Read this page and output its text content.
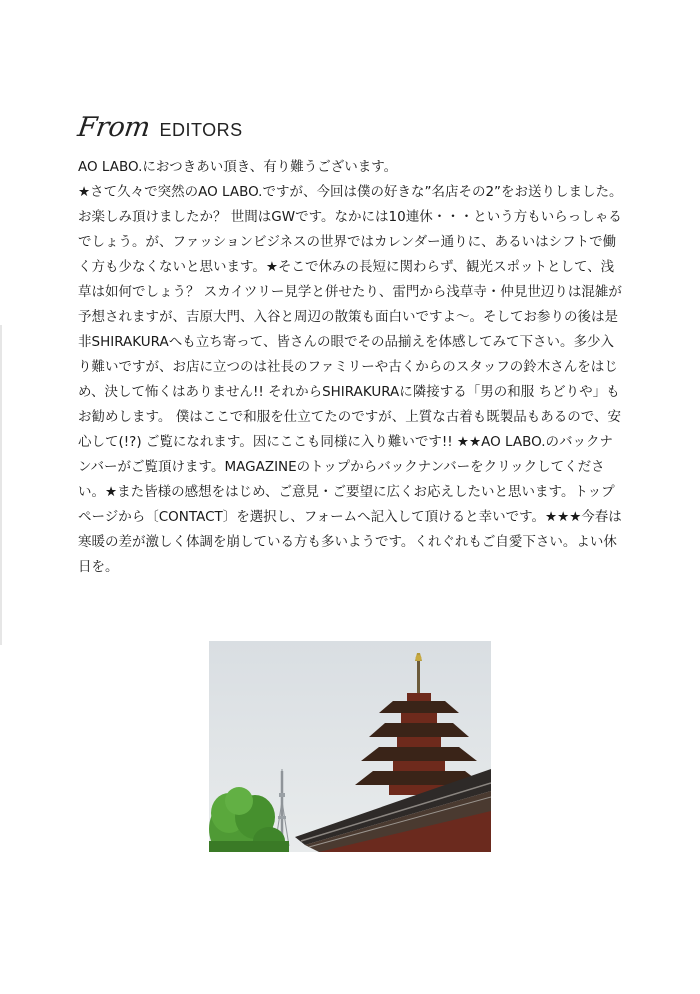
From EDITORS

AO LABO.におつきあい頂き、有り難うございます。

★さて久々で突然のAO LABO.ですが、今回は僕の好きな”名店その2”をお送りしました。お楽しみ頂けましたか？ 世間はGWです。なかには10連休・・・という方もいらっしゃるでしょう。が、ファッションビジネスの世界ではカレンダー通りに、あるいはシフトで働く方も少なくないと思います。★そこで休みの長短に関わらず、観光スポットとして、浅草は如何でしょう？ スカイツリー見学と併せたり、雷門から浅草寺・仲見世辺りは混雑が予想されますが、吉原大門、入谷と周辺の散策も面白いですよ〜。そしてお参りの後は是非SHIRAKURAへも立ち寄って、皆さんの眼でその品揃えを体感してみて下さい。多少入り難いですが、お店に立つのは社長のファミリーや古くからのスタッフの鈴木さんをはじめ、決して怖くはありません!! それからSHIRAKURAに隣接する「男の和服 ちどりや」もお勧めします。 僕はここで和服を仕立てたのですが、上質な古着も既製品もあるので、安心して(!?) ご覧になれます。因にここも同様に入り難いです!! ★★AO LABO.のバックナンバーがご覧頂けます。MAGAZINEのトップからバックナンバーをクリックしてください。★また皆様の感想をはじめ、ご意見・ご要望に広くお応えしたいと思います。トップページから〔CONTACT〕を選択し、フォームへ記入して頂けると幸いです。★★★今春は寒暖の差が激しく体調を崩している方も多いようです。くれぐれもご自愛下さい。よい休日を。
